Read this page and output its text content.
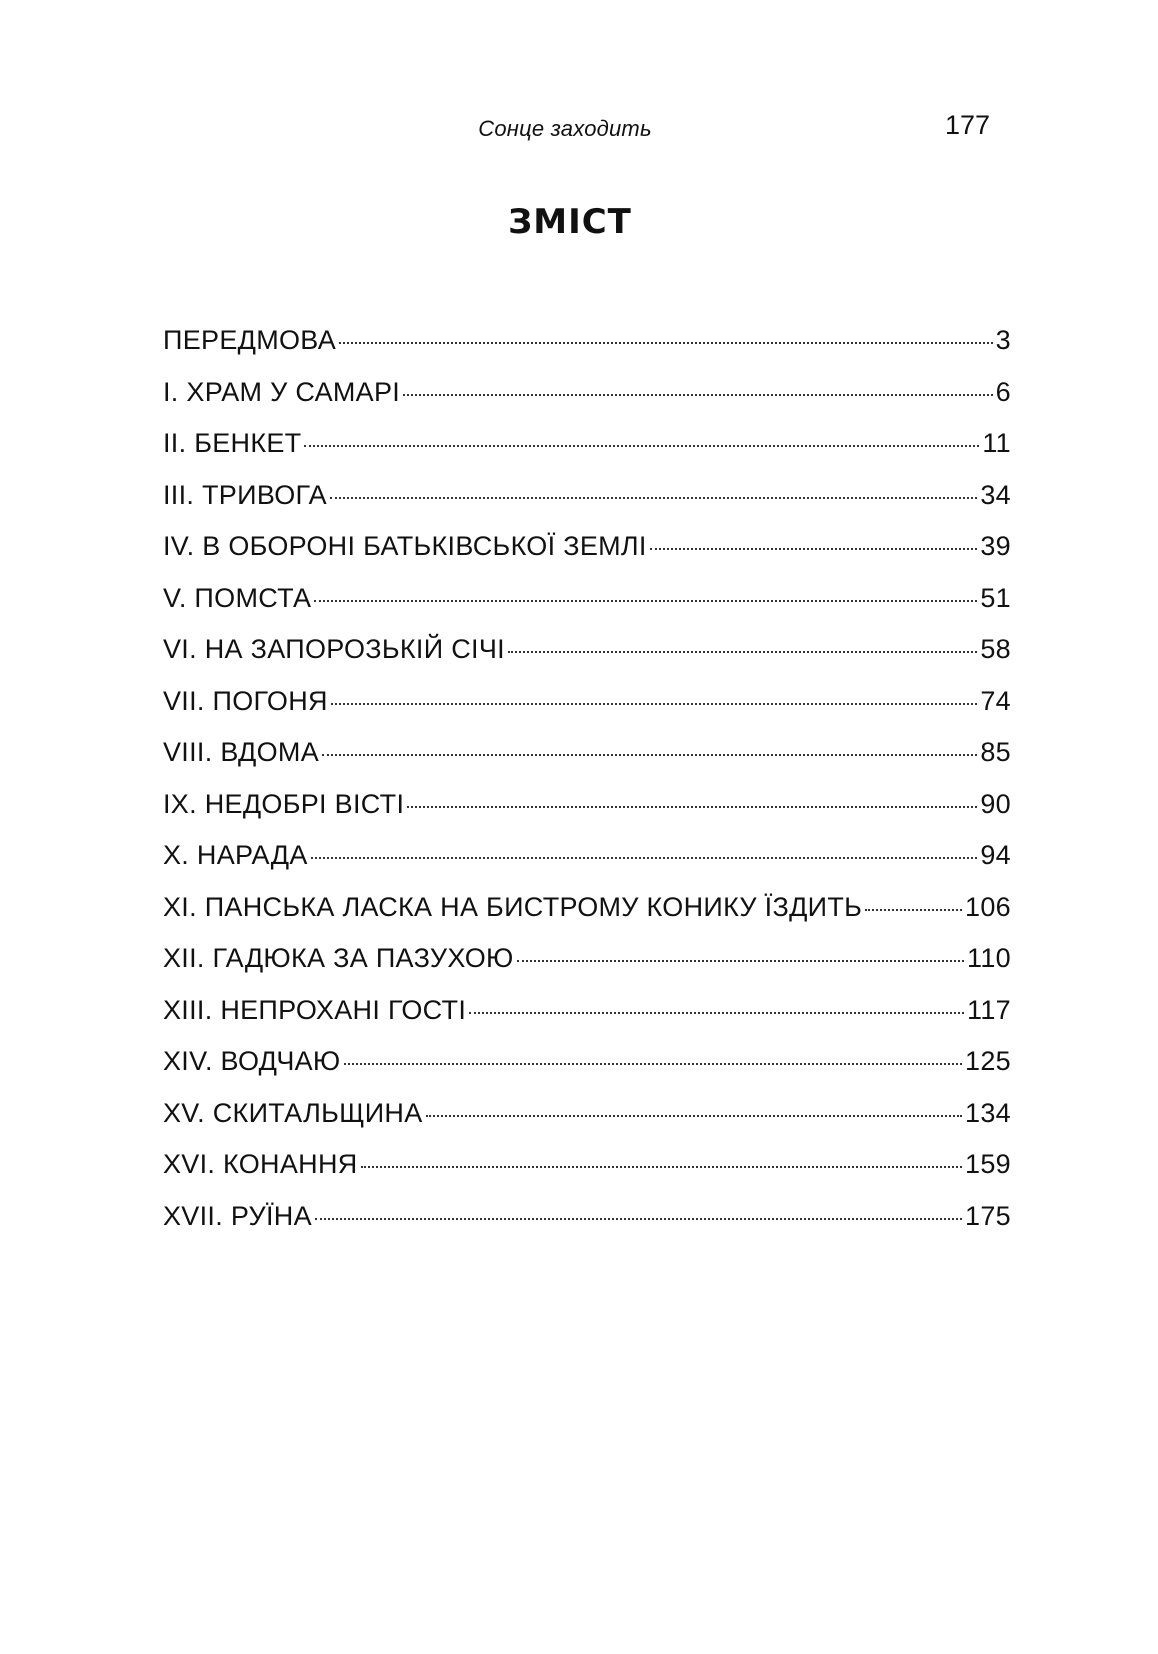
Сонце заходить	177
ЗМІСТ
ПЕРЕДМОВА	3
І. ХРАМ У САМАРІ	6
ІІ. БЕНКЕТ	11
ІІІ. ТРИВОГА	34
ІV. В ОБОРОНІ БАТЬКІВСЬКОЇ ЗЕМЛІ	39
V. ПОМСТА	51
VІ. НА ЗАПОРОЗЬКІЙ СІЧІ	58
VІІ. ПОГОНЯ	74
VІІІ. ВДОМА	85
ІХ. НЕДОБРІ ВІСТІ	90
Х. НАРАДА	94
ХІ. ПАНСЬКА ЛАСКА НА БИСТРОМУ КОНИКУ ЇЗДИТЬ	106
ХІІ. ГАДЮКА ЗА ПАЗУХОЮ	110
ХІІІ. НЕПРОХАНІ ГОСТІ	117
ХІV. ВОДЧАЮ	125
ХV. СКИТАЛЬЩИНА	134
ХVІ. КОНАННЯ	159
ХVІІ. РУЇНА	175
